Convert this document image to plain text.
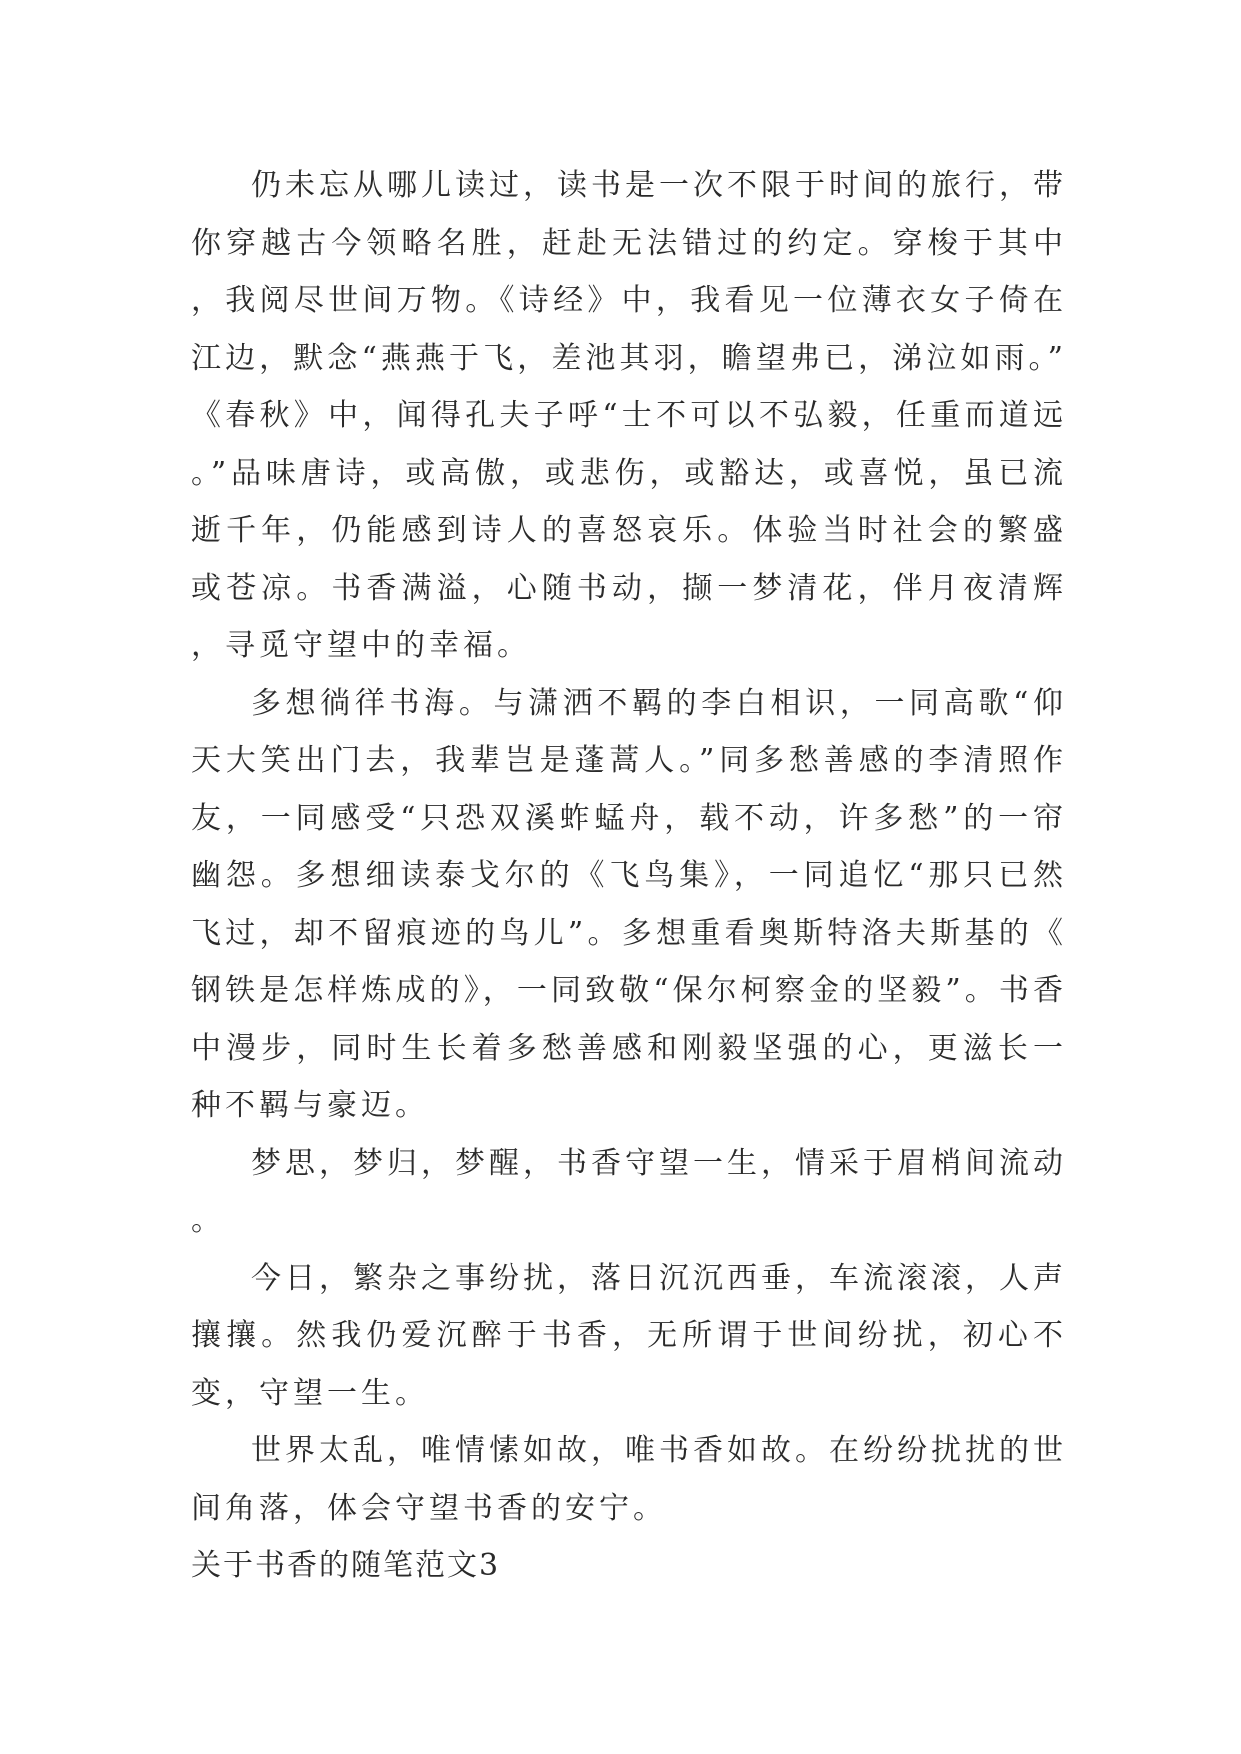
仍未忘从哪儿读过，读书是一次不限于时间的旅行，带你穿越古今领略名胜，赶赴无法错过的约定。穿梭于其中，我阅尽世间万物。《诗经》中，我看见一位薄衣女子倚在江边，默念“燕燕于飞，差池其羽，瞻望弗已，涕泣如雨。”《春秋》中，闻得孔夫子呼“士不可以不弘毅，任重而道远。”品味唐诗，或高傲，或悲伤，或豁达，或喜悦，虽已流逝千年，仍能感到诗人的喜怒哀乐。体验当时社会的繁盛或苍凉。书香满溢，心随书动，撷一梦清花，伴月夜清辉，寻觅守望中的幸福。

多想徜徉书海。与潇洒不羁的李白相识，一同高歌“仰天大笑出门去，我辈岂是蓬蒿人。”同多愁善感的李清照作友，一同感受“只恐双溪蚱蜢舟，载不动，许多愁”的一帘幽怨。多想细读泰戈尔的《飞鸟集》，一同追忆“那只已然飞过，却不留痕迹的鸟儿”。多想重看奥斯特洛夫斯基的《钢铁是怎样炼成的》，一同致敬“保尔柯察金的坚毅”。书香中漫步，同时生长着多愁善感和刚毅坚强的心，更滋长一种不羁与豪迈。

梦思，梦归，梦醒，书香守望一生，情采于眉梢间流动。

今日，繁杂之事纷扰，落日沉沉西垂，车流滚滚，人声攘攘。然我仍爱沉醉于书香，无所谓于世间纷扰，初心不变，守望一生。

世界太乱，唯情愫如故，唯书香如故。在纷纷扰扰的世间角落，体会守望书香的安宁。

关于书香的随笔范文3
